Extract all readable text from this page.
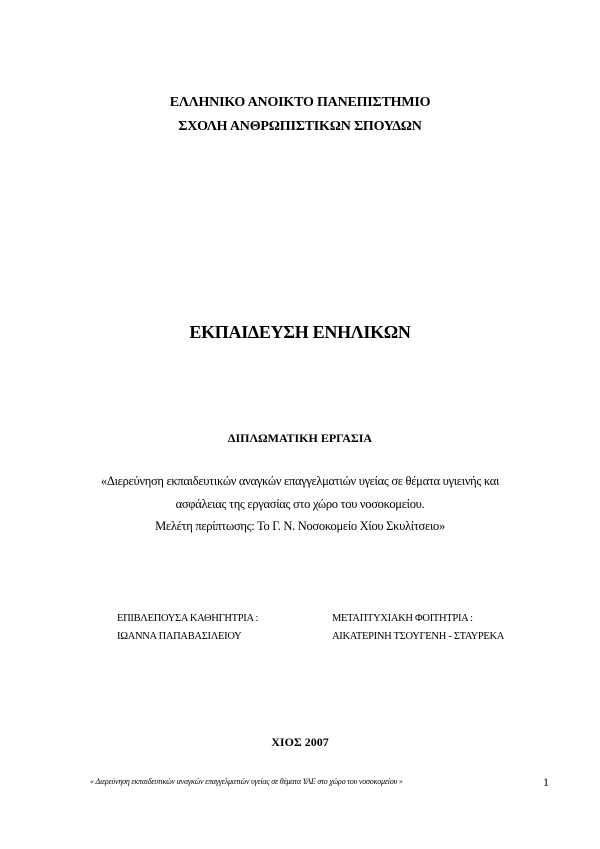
ΕΛΛΗΝΙΚΟ ΑΝΟΙΚΤΟ ΠΑΝΕΠΙΣΤΗΜΙΟ
ΣΧΟΛΗ ΑΝΘΡΩΠΙΣΤΙΚΩΝ ΣΠΟΥΔΩΝ
ΕΚΠΑΙΔΕΥΣΗ ΕΝΗΛΙΚΩΝ
ΔΙΠΛΩΜΑΤΙΚΗ ΕΡΓΑΣΙΑ
«Διερεύνηση εκπαιδευτικών αναγκών επαγγελματιών υγείας σε θέματα υγιεινής και
ασφάλειας της εργασίας στο χώρο του νοσοκομείου.
Μελέτη περίπτωσης: Το Γ. Ν. Νοσοκομείο Χίου Σκυλίτσειο»
ΕΠΙΒΛΕΠΟΥΣΑ ΚΑΘΗΓΗΤΡΙΑ :
ΙΩΑΝΝΑ ΠΑΠΑΒΑΣΙΛΕΙΟΥ
ΜΕΤΑΠΤΥΧΙΑΚΗ ΦΟΙΤΗΤΡΙΑ :
ΑΙΚΑΤΕΡΙΝΗ ΤΣΟΥΓΕΝΗ - ΣΤΑΥΡΕΚΑ
ΧΙΟΣ 2007
« Διερεύνηση εκπαιδευτικών αναγκών επαγγελματιών υγείας σε θέματα ΥΑΕ στο χώρο του νοσοκομείου »	1
